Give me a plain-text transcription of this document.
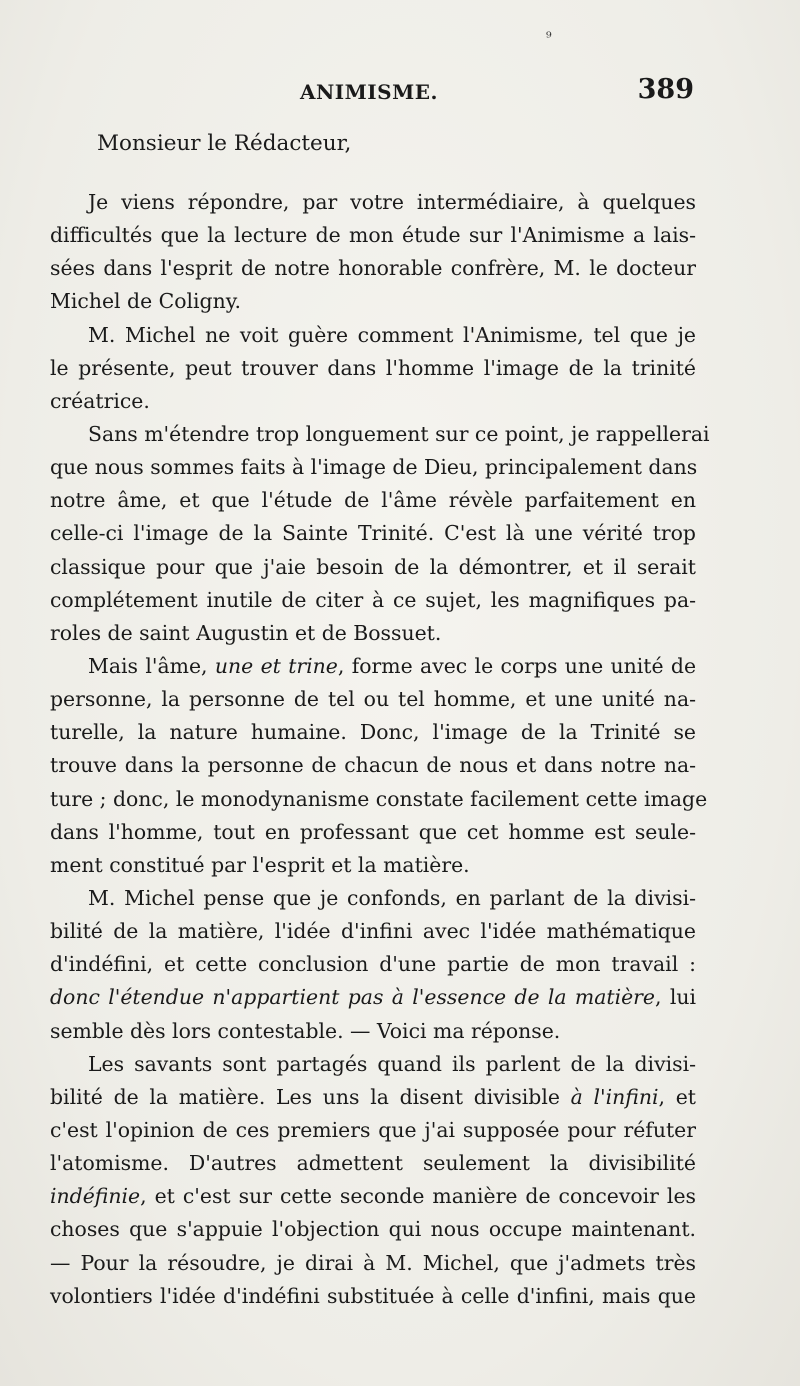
⁹
ANIMISME.	389
Monsieur le Rédacteur,
Je viens répondre, par votre intermédiaire, à quelques
difficultés que la lecture de mon étude sur l'Animisme a lais-
sées dans l'esprit de notre honorable confrère, M. le docteur
Michel de Coligny.
M. Michel ne voit guère comment l'Animisme, tel que je
le présente, peut trouver dans l'homme l'image de la trinité
créatrice.
Sans m'étendre trop longuement sur ce point, je rappellerai
que nous sommes faits à l'image de Dieu, principalement dans
notre âme, et que l'étude de l'âme révèle parfaitement en
celle-ci l'image de la Sainte Trinité. C'est là une vérité trop
classique pour que j'aie besoin de la démontrer, et il serait
complétement inutile de citer à ce sujet, les magnifiques pa-
roles de saint Augustin et de Bossuet.
Mais l'âme, une et trine, forme avec le corps une unité de
personne, la personne de tel ou tel homme, et une unité na-
turelle, la nature humaine. Donc, l'image de la Trinité se
trouve dans la personne de chacun de nous et dans notre na-
ture ; donc, le monodynanisme constate facilement cette image
dans l'homme, tout en professant que cet homme est seule-
ment constitué par l'esprit et la matière.
M. Michel pense que je confonds, en parlant de la divisi-
bilité de la matière, l'idée d'infini avec l'idée mathématique
d'indéfini, et cette conclusion d'une partie de mon travail :
donc l'étendue n'appartient pas à l'essence de la matière, lui
semble dès lors contestable. — Voici ma réponse.
Les savants sont partagés quand ils parlent de la divisi-
bilité de la matière. Les uns la disent divisible à l'infini, et
c'est l'opinion de ces premiers que j'ai supposée pour réfuter
l'atomisme. D'autres admettent seulement la divisibilité
indéfinie, et c'est sur cette seconde manière de concevoir les
choses que s'appuie l'objection qui nous occupe maintenant.
— Pour la résoudre, je dirai à M. Michel, que j'admets très
volontiers l'idée d'indéfini substituée à celle d'infini, mais que
